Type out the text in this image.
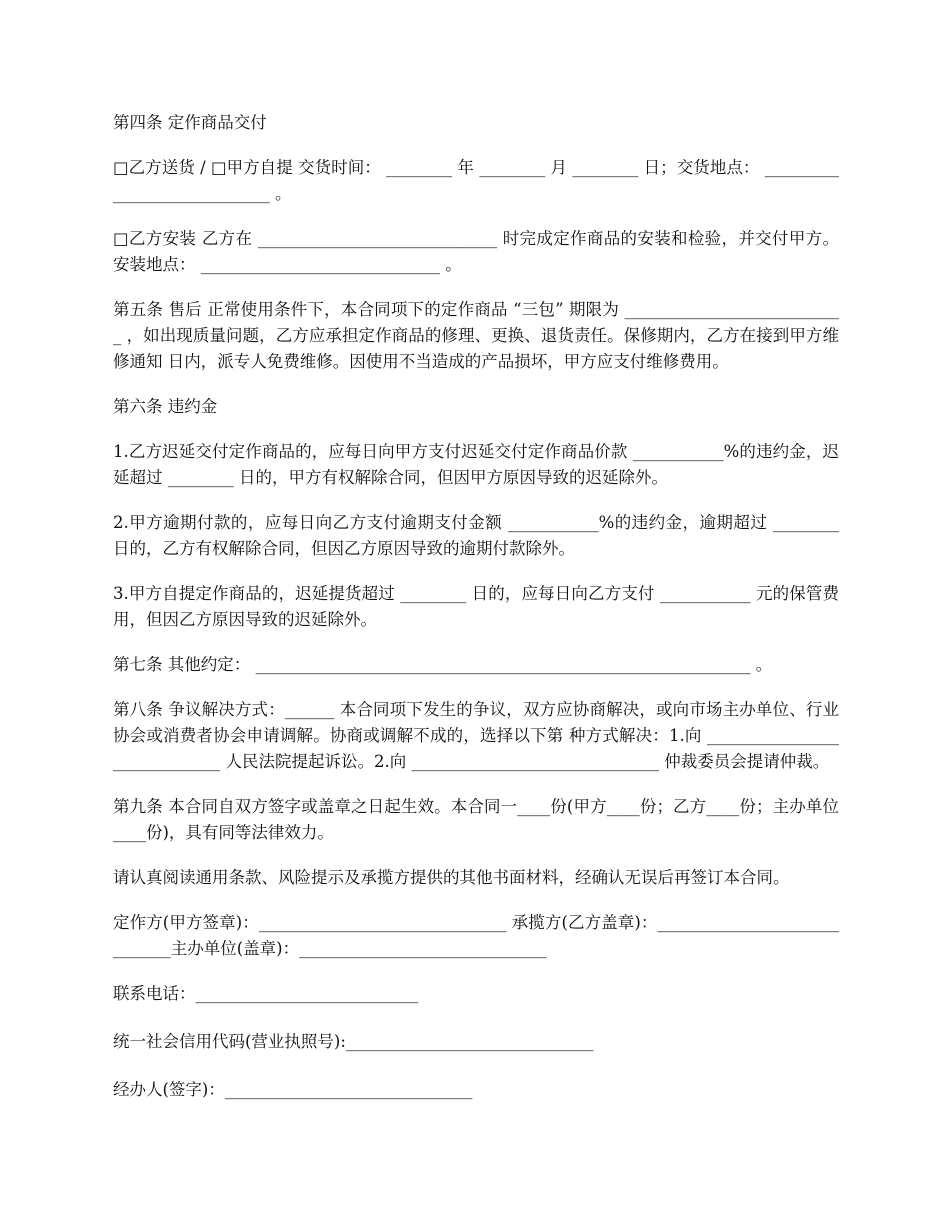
第四条 定作商品交付

□乙方送货 / □甲方自提 交货时间： ________ 年 ________ 月 ________ 日；交货地点： ____________________________ 。

□乙方安装 乙方在 _____________________________ 时完成定作商品的安装和检验，并交付甲方。安装地点： _____________________________ 。

第五条 售后 正常使用条件下，本合同项下的定作商品 “三包” 期限为 ___________________________ ，如出现质量问题，乙方应承担定作商品的修理、更换、退货责任。保修期内，乙方在接到甲方维修通知 日内，派专人免费维修。因使用不当造成的产品损坏，甲方应支付维修费用。

第六条 违约金

1.乙方迟延交付定作商品的，应每日向甲方支付迟延交付定作商品价款 ___________%的违约金，迟延超过 ________ 日的，甲方有权解除合同，但因甲方原因导致的迟延除外。

2.甲方逾期付款的，应每日向乙方支付逾期支付金额 ___________%的违约金，逾期超过 ________ 日的，乙方有权解除合同，但因乙方原因导致的逾期付款除外。

3.甲方自提定作商品的，迟延提货超过 ________ 日的，应每日向乙方支付 ___________ 元的保管费用，但因乙方原因导致的迟延除外。

第七条 其他约定： ____________________________________________________________ 。

第八条 争议解决方式：______ 本合同项下发生的争议，双方应协商解决，或向市场主办单位、行业协会或消费者协会申请调解。协商或调解不成的，选择以下第 种方式解决：1.向 _____________________________ 人民法院提起诉讼。2.向 ______________________________ 仲裁委员会提请仲裁。

第九条 本合同自双方签字或盖章之日起生效。本合同一____份(甲方____份；乙方____份；主办单位____份)，具有同等法律效力。

请认真阅读通用条款、风险提示及承揽方提供的其他书面材料，经确认无误后再签订本合同。

定作方(甲方签章)：______________________________ 承揽方(乙方盖章)：_____________________________主办单位(盖章)：______________________________

联系电话：___________________________

统一社会信用代码(营业执照号):______________________________

经办人(签字)：______________________________
